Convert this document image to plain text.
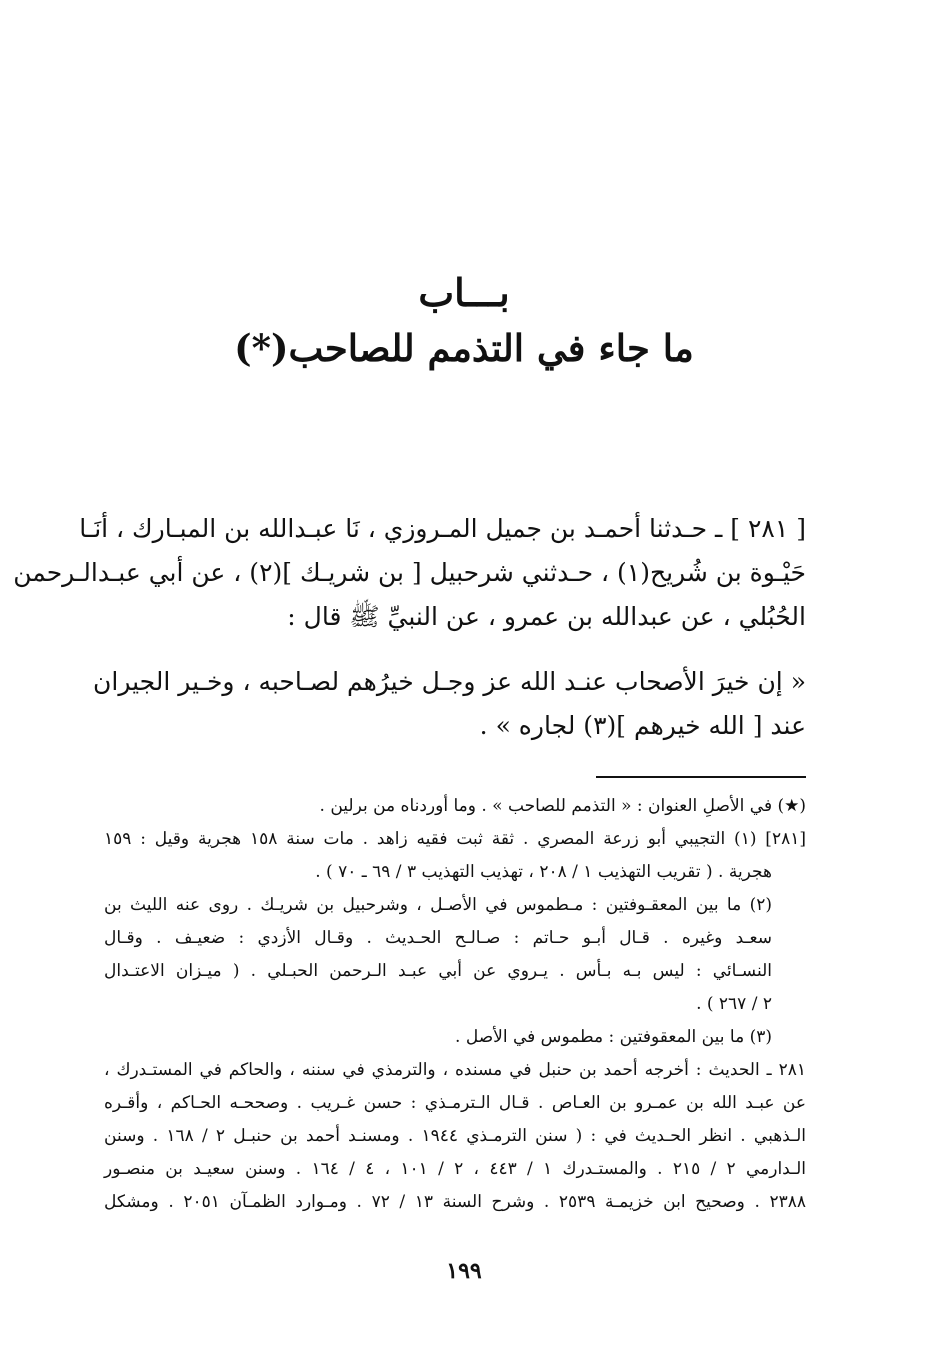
بـــاب
ما جاء في التذمم للصاحب(*)
[ ٢٨١ ] ـ حـدثنا أحمـد بن جميل المـروزي ، نَا عبـدالله بن المبـارك ، أنَـا
حَيْـوة بن شُريح(١) ، حـدثني شرحبيل [ بن شريـك ](٢) ، عن أبي عبـدالـرحمن
الحُبُلي ، عن عبدالله بن عمرو ، عن النبيِّ ﷺ قال :
« إن خيرَ الأصحاب عنـد الله عز وجـل خيرُهم لصـاحبه ، وخـير الجيران
عند [ الله خيرهم ](٣) لجاره » .
(★) في الأصلِ العنوان : « التذمم للصاحب » . وما أوردناه من برلين .
[٢٨١] (١) التجيبي أبو زرعة المصري . ثقة ثبت فقيه زاهد . مات سنة ١٥٨ هجرية وقيل : ١٥٩
هجرية . ( تقريب التهذيب ١ / ٢٠٨ ، تهذيب التهذيب ٣ / ٦٩ ـ ٧٠ ) .
(٢) ما بين المعقـوفتين : مـطموس في الأصـل ، وشرحبيل بن شريـك . روى عنه الليث بن
سعـد وغيره . قـال أبـو حـاتم : صـالـح الحـديث . وقـال الأزدي : ضعيـف . وقـال
النسـائي : ليس بـه بـأس . يـروي عن أبي عبـد الـرحمن الحبـلي . ( ميـزان الاعتـدال
٢ / ٢٦٧ ) .
(٣) ما بين المعقوفتين : مطموس في الأصل .
٢٨١ ـ الحديث : أخرجه أحمد بن حنبل في مسنده ، والترمذي في سننه ، والحاكم في المستـدرك ،
عن عبـد الله بن عمـرو بن العـاص . قـال الـترمـذي : حسن غـريب . وصححـه الحـاكم ، وأقـره
الـذهبي . انظر الحـديث في : ( سنن الترمـذي ١٩٤٤ . ومسنـد أحمد بن حنبـل ٢ / ١٦٨ . وسنن
الـدارمي ٢ / ٢١٥ . والمستـدرك ١ / ٤٤٣ ، ٢ / ١٠١ ، ٤ / ١٦٤ . وسنن سعيـد بن منصـور
٢٣٨٨ . وصحيح ابن خزيمـة ٢٥٣٩ . وشرح السنة ١٣ / ٧٢ . ومـوارد الظمـآن ٢٠٥١ . ومشكل
١٩٩
